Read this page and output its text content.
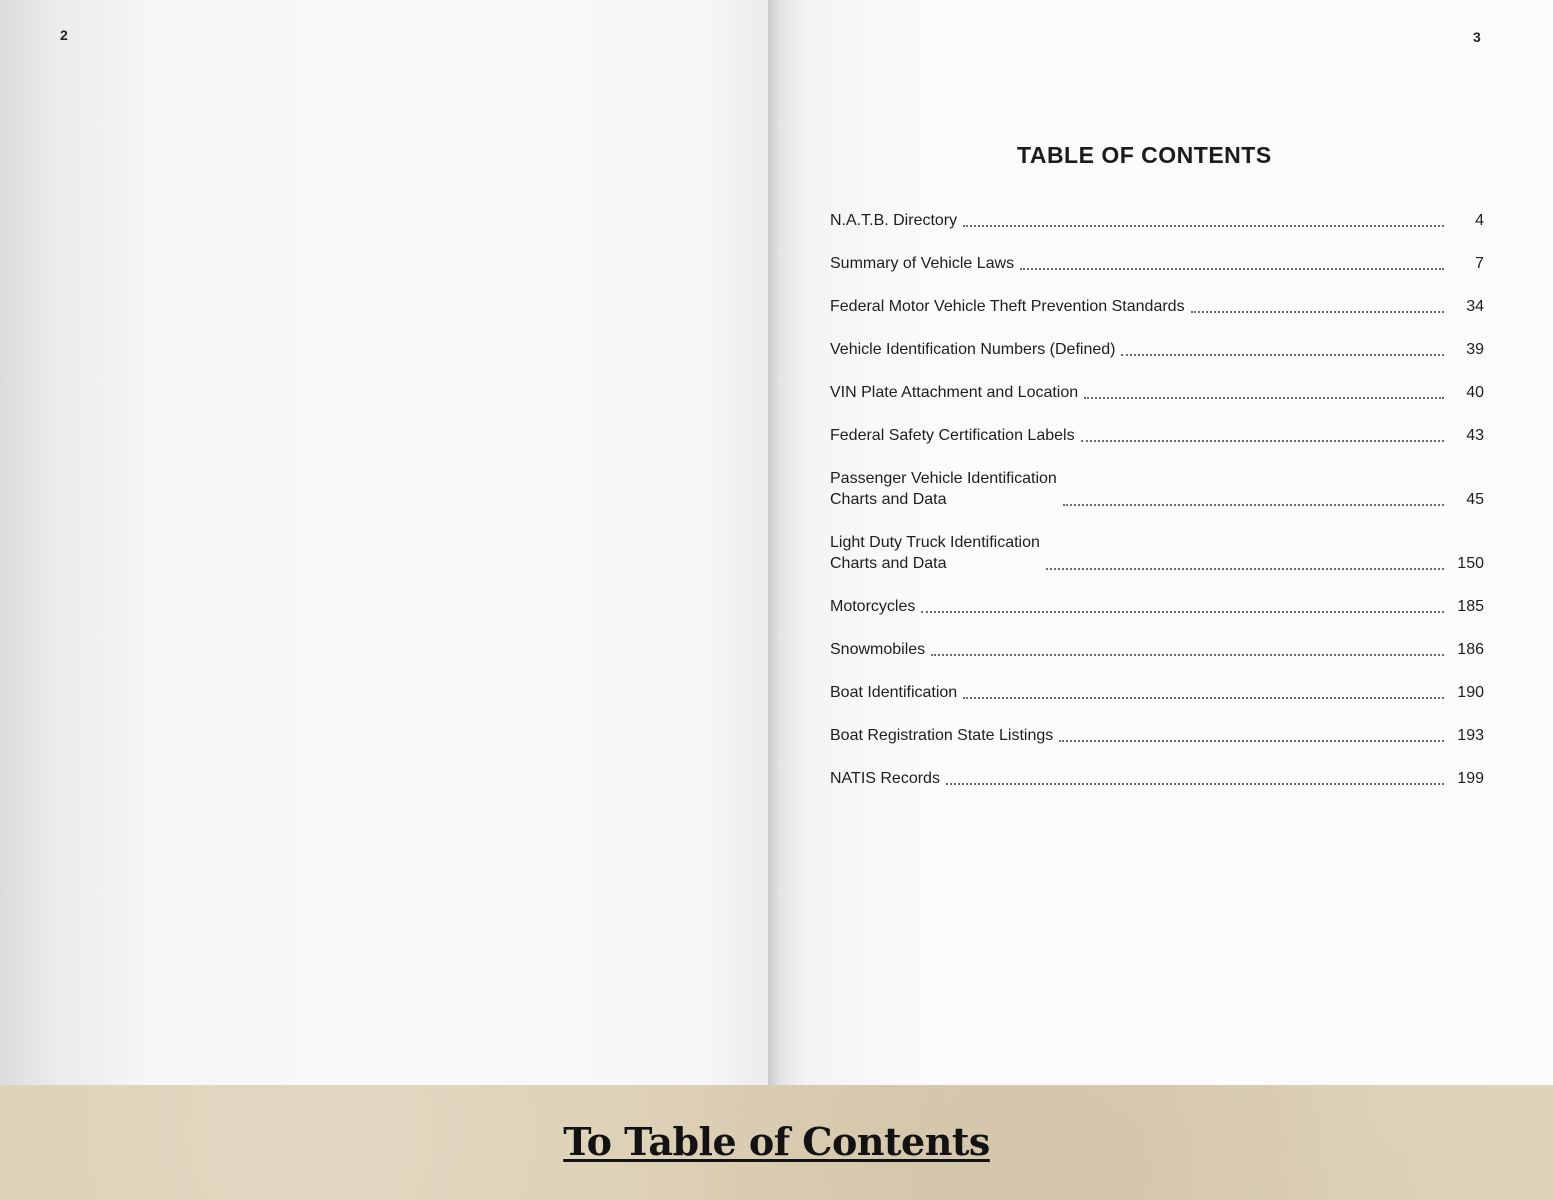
2	3
TABLE OF CONTENTS
N.A.T.B. Directory	4
Summary of Vehicle Laws	7
Federal Motor Vehicle Theft Prevention Standards	34
Vehicle Identification Numbers (Defined)	39
VIN Plate Attachment and Location	40
Federal Safety Certification Labels	43
Passenger Vehicle Identification
Charts and Data	45
Light Duty Truck Identification
Charts and Data	150
Motorcycles	185
Snowmobiles	186
Boat Identification	190
Boat Registration State Listings	193
NATIS Records	199
To Table of Contents
